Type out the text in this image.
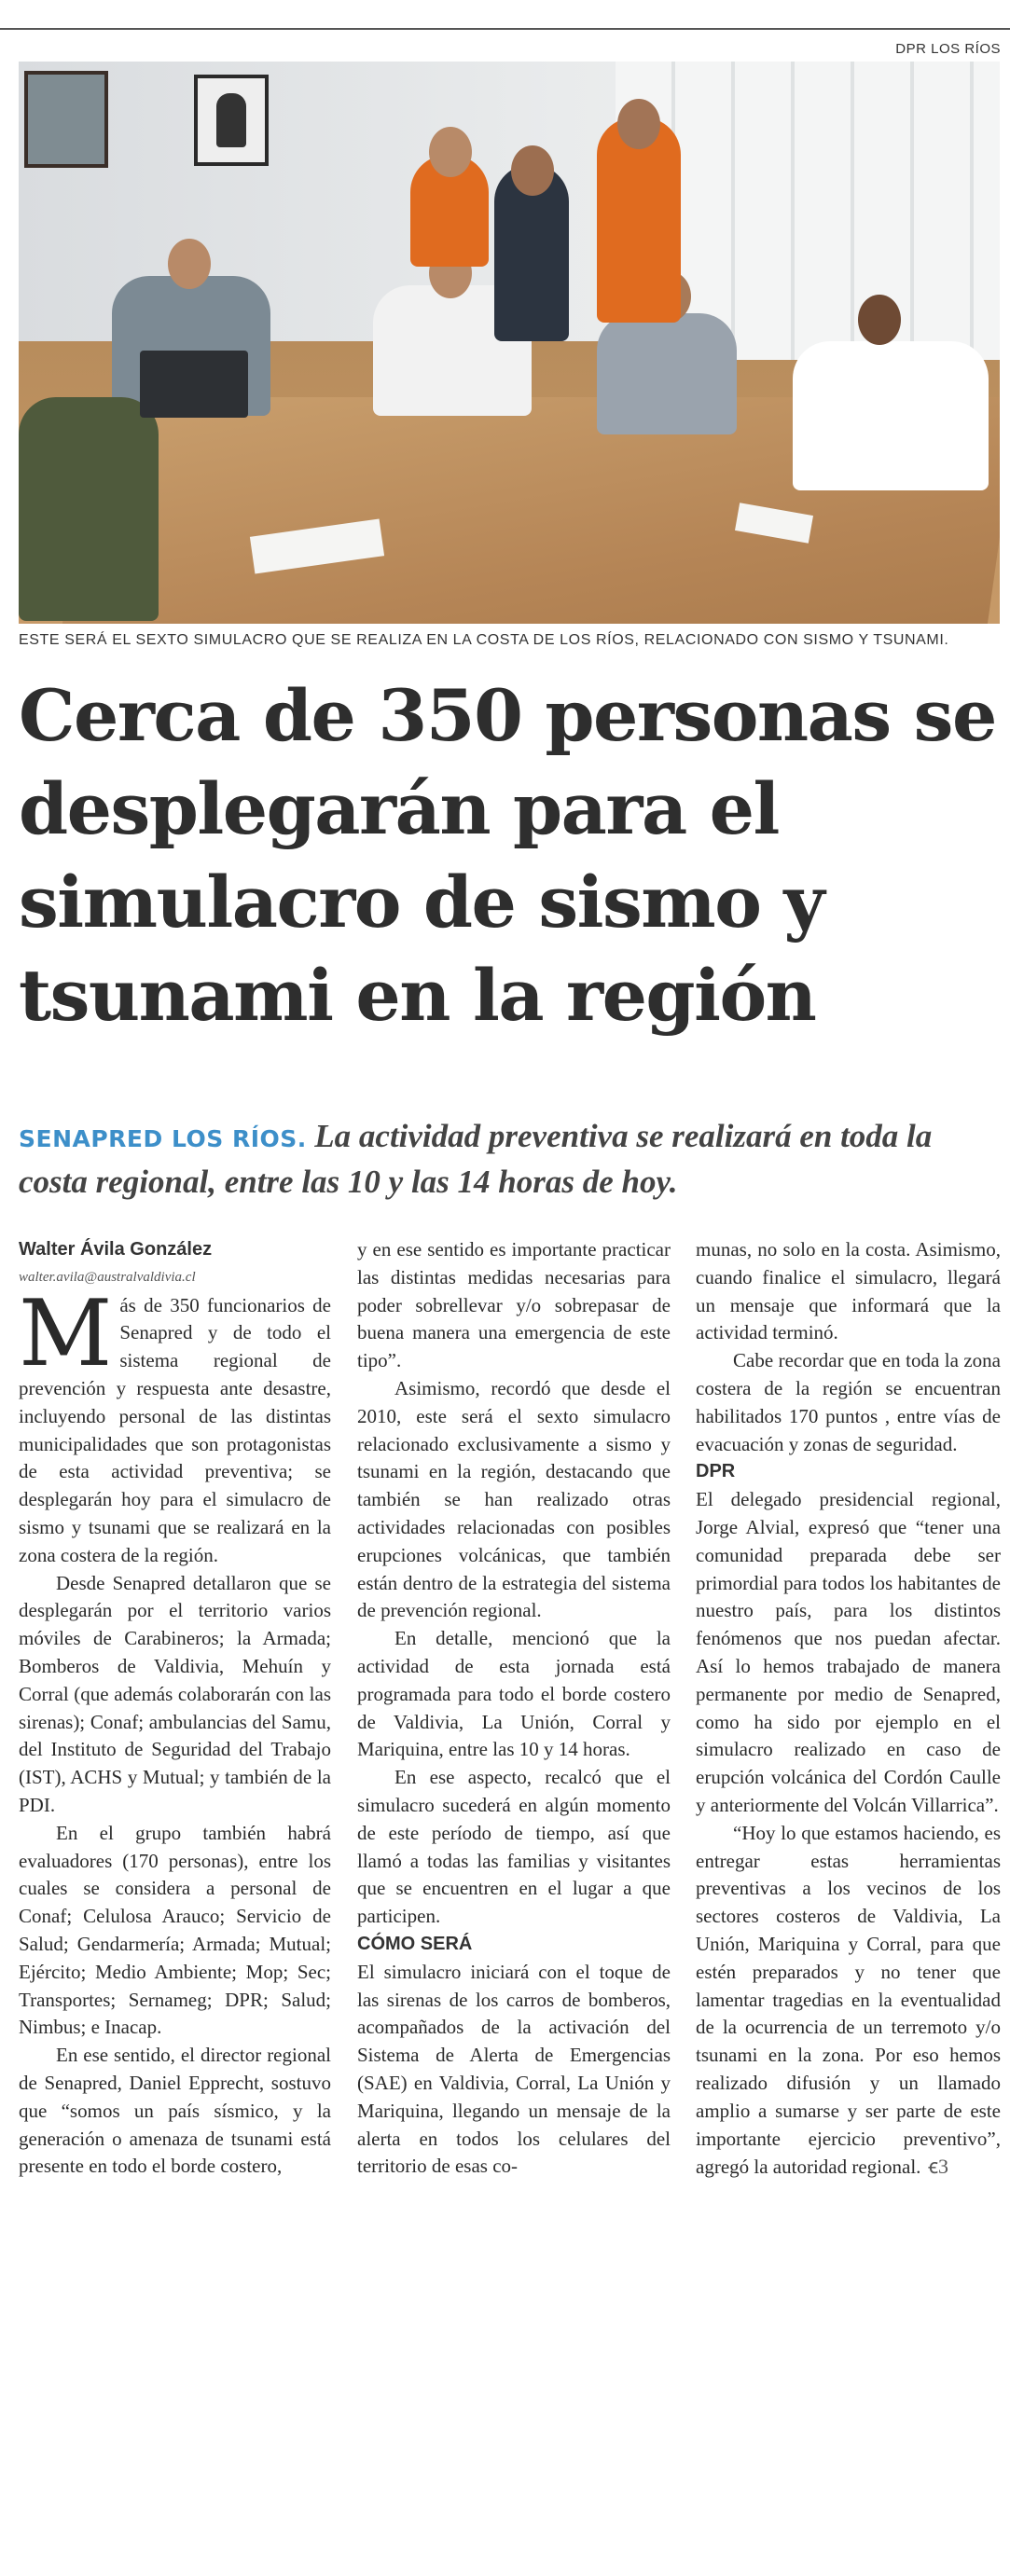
DPR LOS RÍOS
ESTE SERÁ EL SEXTO SIMULACRO QUE SE REALIZA EN LA COSTA DE LOS RÍOS, RELACIONADO CON SISMO Y TSUNAMI.
Cerca de 350 personas se desplegarán para el simulacro de sismo y tsunami en la región

SENAPRED LOS RÍOS. La actividad preventiva se realizará en toda la costa regional, entre las 10 y las 14 horas de hoy.

Walter Ávila González

walter.avila@australvaldivia.cl

Más de 350 funcionarios de Senapred y de todo el sistema regional de prevención y respuesta ante desastre, incluyendo personal de las distintas municipalidades que son protagonistas de esta actividad preventiva; se desplegarán hoy para el simulacro de sismo y tsunami que se realizará en la zona costera de la región.

Desde Senapred detallaron que se desplegarán por el territorio varios móviles de Carabineros; la Armada; Bomberos de Valdivia, Mehuín y Corral (que además colaborarán con las sirenas); Conaf; ambulancias del Samu, del Instituto de Seguridad del Trabajo (IST), ACHS y Mutual; y también de la PDI.

En el grupo también habrá evaluadores (170 personas), entre los cuales se considera a personal de Conaf; Celulosa Arauco; Servicio de Salud; Gendarmería; Armada; Mutual; Ejército; Medio Ambiente; Mop; Sec; Transportes; Sernameg; DPR; Salud; Nimbus; e Inacap.

En ese sentido, el director regional de Senapred, Daniel Epprecht, sostuvo que “somos un país sísmico, y la generación o amenaza de tsunami está presente en todo el borde costero,

y en ese sentido es importante practicar las distintas medidas necesarias para poder sobrellevar y/o sobrepasar de buena manera una emergencia de este tipo”.

Asimismo, recordó que desde el 2010, este será el sexto simulacro relacionado exclusivamente a sismo y tsunami en la región, destacando que también se han realizado otras actividades relacionadas con posibles erupciones volcánicas, que también están dentro de la estrategia del sistema de prevención regional.

En detalle, mencionó que la actividad de esta jornada está programada para todo el borde costero de Valdivia, La Unión, Corral y Mariquina, entre las 10 y 14 horas.

En ese aspecto, recalcó que el simulacro sucederá en algún momento de este período de tiempo, así que llamó a todas las familias y visitantes que se encuentren en el lugar a que participen.

CÓMO SERÁ

El simulacro iniciará con el toque de las sirenas de los carros de bomberos, acompañados de la activación del Sistema de Alerta de Emergencias (SAE) en Valdivia, Corral, La Unión y Mariquina, llegando un mensaje de la alerta en todos los celulares del territorio de esas co-

munas, no solo en la costa. Asimismo, cuando finalice el simulacro, llegará un mensaje que informará que la actividad terminó.

Cabe recordar que en toda la zona costera de la región se encuentran habilitados 170 puntos , entre vías de evacuación y zonas de seguridad.

DPR

El delegado presidencial regional, Jorge Alvial, expresó que “tener una comunidad preparada debe ser primordial para todos los habitantes de nuestro país, para los distintos fenómenos que nos puedan afectar. Así lo hemos trabajado de manera permanente por medio de Senapred, como ha sido por ejemplo en el simulacro realizado en caso de erupción volcánica del Cordón Caulle y anteriormente del Volcán Villarrica”.

“Hoy lo que estamos haciendo, es entregar estas herramientas preventivas a los vecinos de los sectores costeros de Valdivia, La Unión, Mariquina y Corral, para que estén preparados y no tener que lamentar tragedias en la eventualidad de la ocurrencia de un terremoto y/o tsunami en la zona. Por eso hemos realizado difusión y un llamado amplio a sumarse y ser parte de este importante ejercicio preventivo”, agregó la autoridad regional. ꞓ3
